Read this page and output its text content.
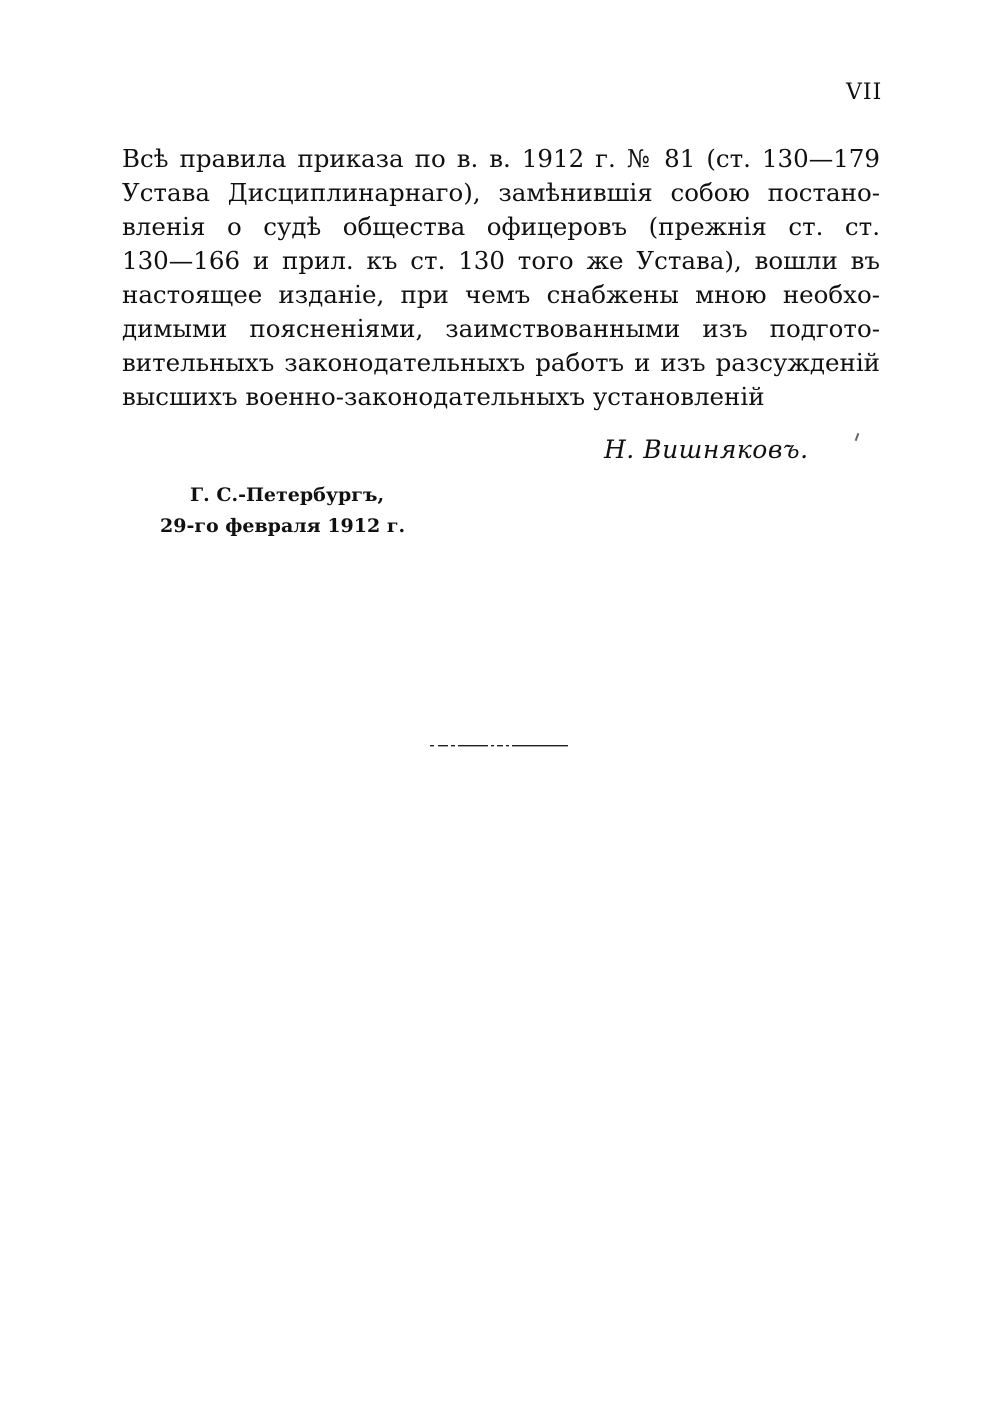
VII
Всѣ правила приказа по в. в. 1912 г. № 81 (ст. 130—179
Устава Дисциплинарнаго), замѣнившія собою постано-
вленія о судѣ общества офицеровъ (прежнія ст. ст.
130—166 и прил. къ ст. 130 того же Устава), вошли въ
настоящее изданіе, при чемъ снабжены мною необхо-
димыми поясненіями, заимствованными изъ подгото-
вительныхъ законодательныхъ работъ и изъ разсужденій
высшихъ военно-законодательныхъ установленій
Н. Вишняковъ.
Г. С.-Петербургъ,
29-го февраля 1912 г.
